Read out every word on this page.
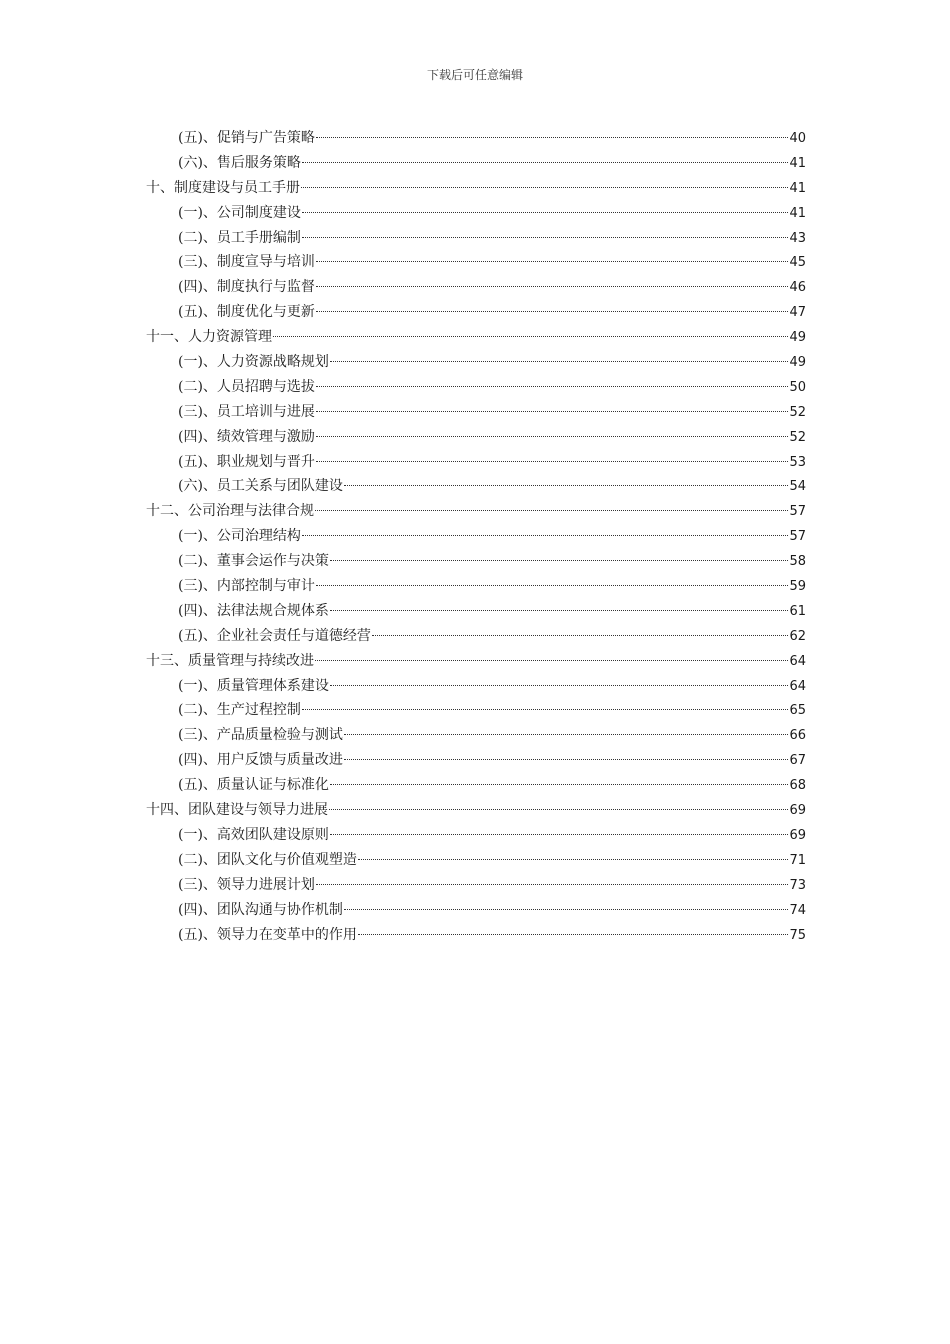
下载后可任意编辑
(五)、促销与广告策略	40
(六)、售后服务策略	41
十、制度建设与员工手册	41
(一)、公司制度建设	41
(二)、员工手册编制	43
(三)、制度宣导与培训	45
(四)、制度执行与监督	46
(五)、制度优化与更新	47
十一、人力资源管理	49
(一)、人力资源战略规划	49
(二)、人员招聘与选拔	50
(三)、员工培训与进展	52
(四)、绩效管理与激励	52
(五)、职业规划与晋升	53
(六)、员工关系与团队建设	54
十二、公司治理与法律合规	57
(一)、公司治理结构	57
(二)、董事会运作与决策	58
(三)、内部控制与审计	59
(四)、法律法规合规体系	61
(五)、企业社会责任与道德经营	62
十三、质量管理与持续改进	64
(一)、质量管理体系建设	64
(二)、生产过程控制	65
(三)、产品质量检验与测试	66
(四)、用户反馈与质量改进	67
(五)、质量认证与标准化	68
十四、团队建设与领导力进展	69
(一)、高效团队建设原则	69
(二)、团队文化与价值观塑造	71
(三)、领导力进展计划	73
(四)、团队沟通与协作机制	74
(五)、领导力在变革中的作用	75
